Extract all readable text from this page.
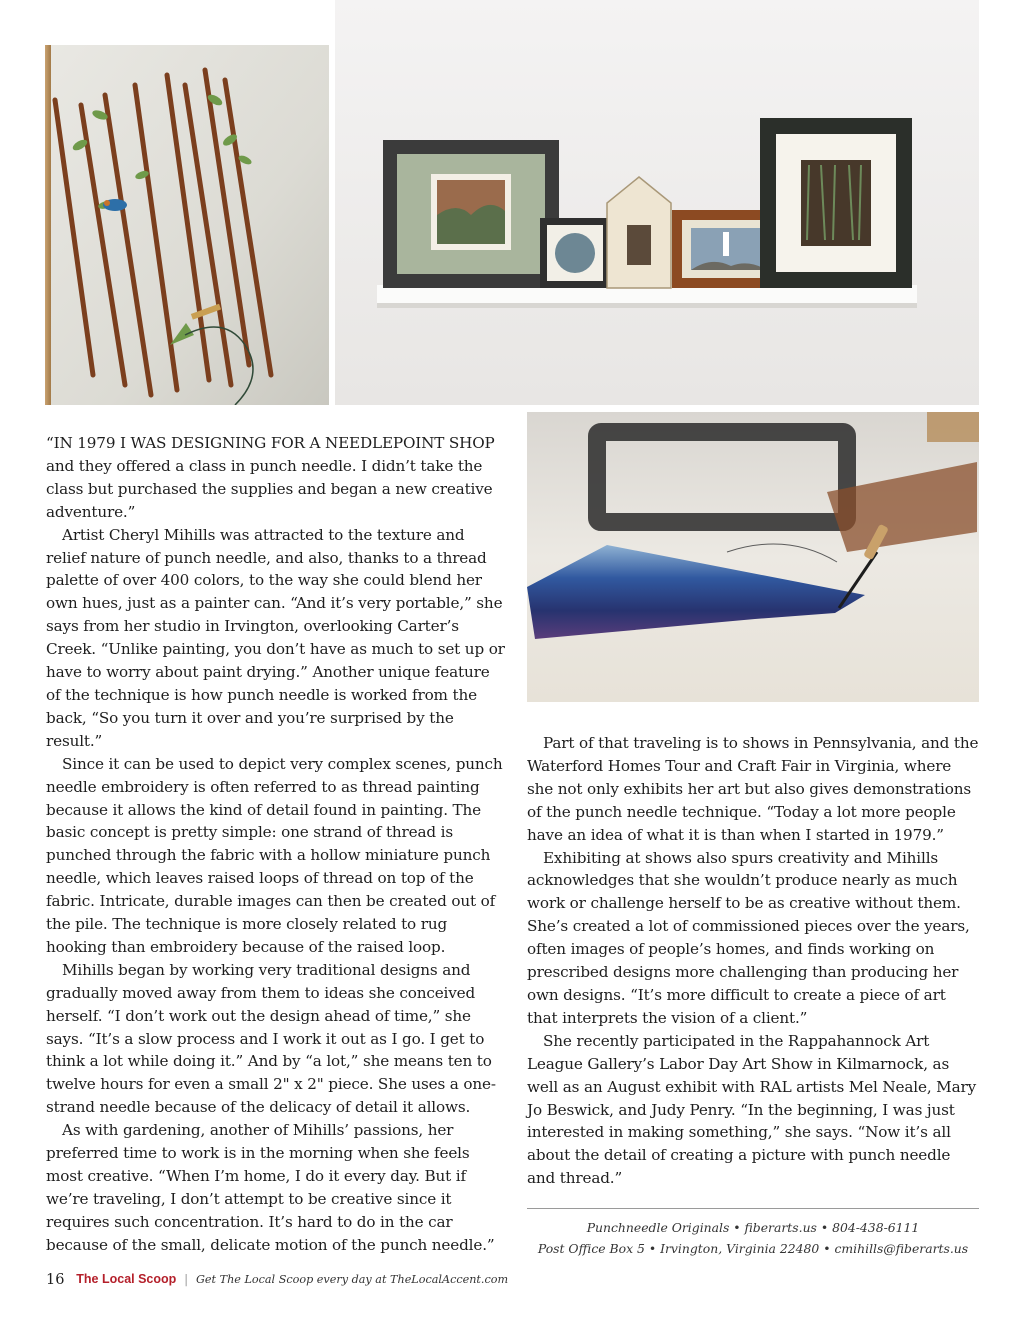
“IN 1979 I WAS DESIGNING FOR A NEEDLEPOINT SHOP and they offered a class in punch needle. I didn’t take the class but purchased the supplies and began a new creative adventure.”

Artist Cheryl Mihills was attracted to the texture and relief nature of punch needle, and also, thanks to a thread palette of over 400 colors, to the way she could blend her own hues, just as a painter can. “And it’s very portable,” she says from her studio in Irvington, overlooking Carter’s Creek. “Unlike painting, you don’t have as much to set up or have to worry about paint drying.” Another unique feature of the technique is how punch needle is worked from the back, “So you turn it over and you’re surprised by the result.”

Since it can be used to depict very complex scenes, punch needle embroidery is often referred to as thread painting because it allows the kind of detail found in painting. The basic concept is pretty simple: one strand of thread is punched through the fabric with a hollow miniature punch needle, which leaves raised loops of thread on top of the fabric. Intricate, durable images can then be created out of the pile. The technique is more closely related to rug hooking than embroidery because of the raised loop.

Mihills began by working very traditional designs and gradually moved away from them to ideas she conceived herself. “I don’t work out the design ahead of time,” she says. “It’s a slow process and I work it out as I go. I get to think a lot while doing it.” And by “a lot,” she means ten to twelve hours for even a small 2" x 2" piece. She uses a one-strand needle because of the delicacy of detail it allows.

As with gardening, another of Mihills’ passions, her preferred time to work is in the morning when she feels most creative. “When I’m home, I do it every day. But if we’re traveling, I don’t attempt to be creative since it requires such concentration. It’s hard to do in the car because of the small, delicate motion of the punch needle.”

Part of that traveling is to shows in Pennsylvania, and the Waterford Homes Tour and Craft Fair in Virginia, where she not only exhibits her art but also gives demonstrations of the punch needle technique. “Today a lot more people have an idea of what it is than when I started in 1979.”

Exhibiting at shows also spurs creativity and Mihills acknowledges that she wouldn’t produce nearly as much work or challenge herself to be as creative without them. She’s created a lot of commissioned pieces over the years, often images of people’s homes, and finds working on prescribed designs more challenging than producing her own designs. “It’s more difficult to create a piece of art that interprets the vision of a client.”

She recently participated in the Rappahannock Art League Gallery’s Labor Day Art Show in Kilmarnock, as well as an August exhibit with RAL artists Mel Neale, Mary Jo Beswick, and Judy Penry. “In the beginning, I was just interested in making something,” she says. “Now it’s all about the detail of creating a picture with punch needle and thread.”

Punchneedle Originals • fiberarts.us • 804-438-6111
Post Office Box 5 • Irvington, Virginia 22480 • cmihills@fiberarts.us
16 The Local Scoop | Get The Local Scoop every day at TheLocalAccent.com
